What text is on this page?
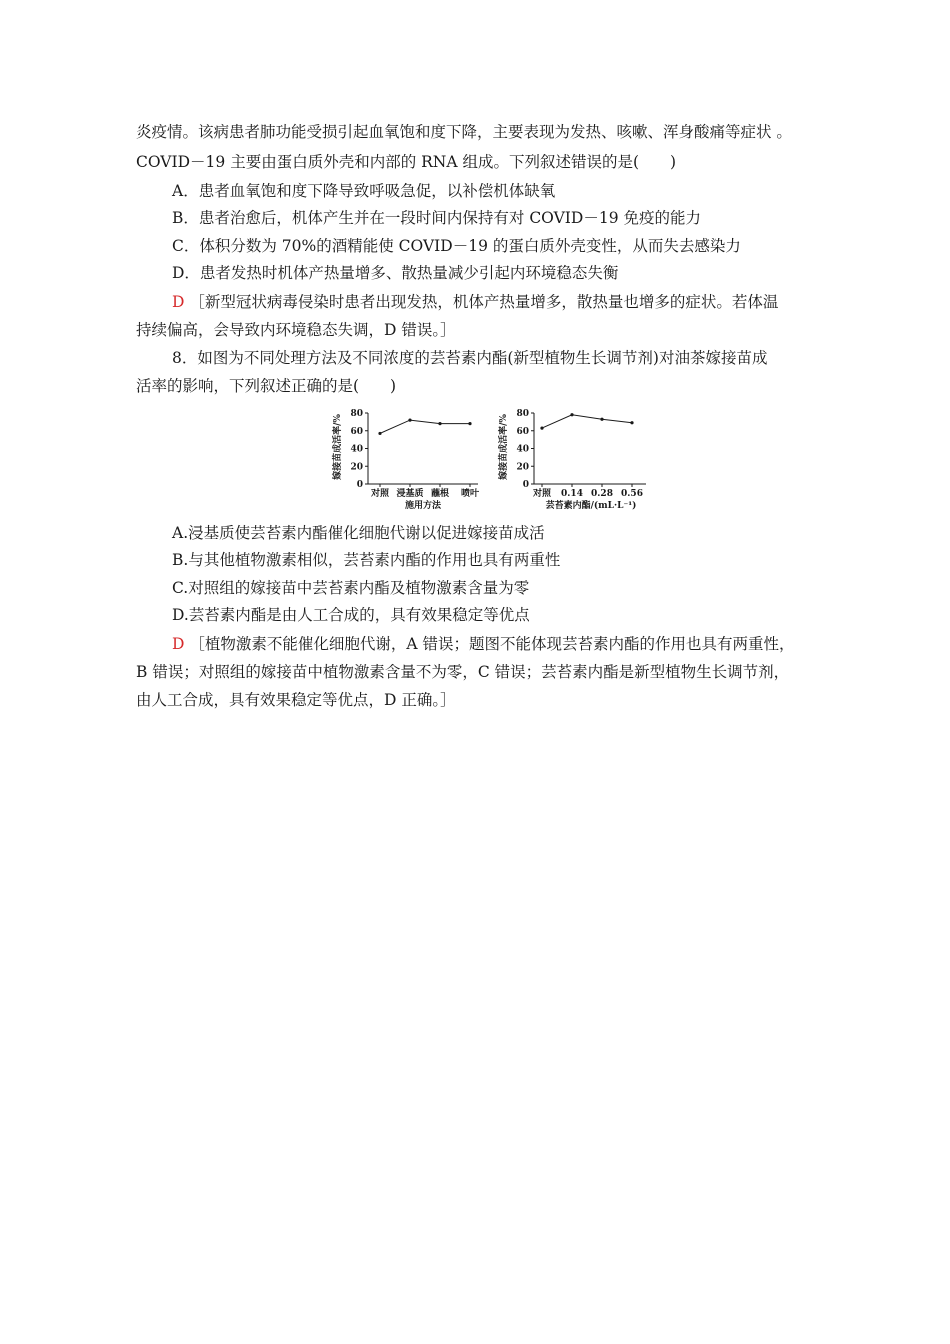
炎疫情。该病患者肺功能受损引起血氧饱和度下降，主要表现为发热、咳嗽、浑身酸痛等症状 。
COVID－19 主要由蛋白质外壳和内部的 RNA 组成。下列叙述错误的是(　　)
A．患者血氧饱和度下降导致呼吸急促，以补偿机体缺氧
B．患者治愈后，机体产生并在一段时间内保持有对 COVID－19 免疫的能力
C．体积分数为 70%的酒精能使 COVID－19 的蛋白质外壳变性，从而失去感染力
D．患者发热时机体产热量增多、散热量减少引起内环境稳态失衡
D ［新型冠状病毒侵染时患者出现发热，机体产热量增多，散热量也增多的症状。若体温
持续偏高，会导致内环境稳态失调，D 错误。］
8．如图为不同处理方法及不同浓度的芸苔素内酯(新型植物生长调节剂)对油茶嫁接苗成
活率的影响，下列叙述正确的是(　　)
嫁接苗成活率/%
0
20
40
60
80
对照 浸基质 蘸根 喷叶
施用方法
嫁接苗成活率/%
0
20
40
60
80
对照 0.14 0.28 0.56
芸苔素内酯/(mL·L⁻¹)
A.浸基质使芸苔素内酯催化细胞代谢以促进嫁接苗成活
B.与其他植物激素相似，芸苔素内酯的作用也具有两重性
C.对照组的嫁接苗中芸苔素内酯及植物激素含量为零
D.芸苔素内酯是由人工合成的，具有效果稳定等优点
D ［植物激素不能催化细胞代谢，A 错误；题图不能体现芸苔素内酯的作用也具有两重性，
B 错误；对照组的嫁接苗中植物激素含量不为零，C 错误；芸苔素内酯是新型植物生长调节剂，
由人工合成，具有效果稳定等优点，D 正确。］
